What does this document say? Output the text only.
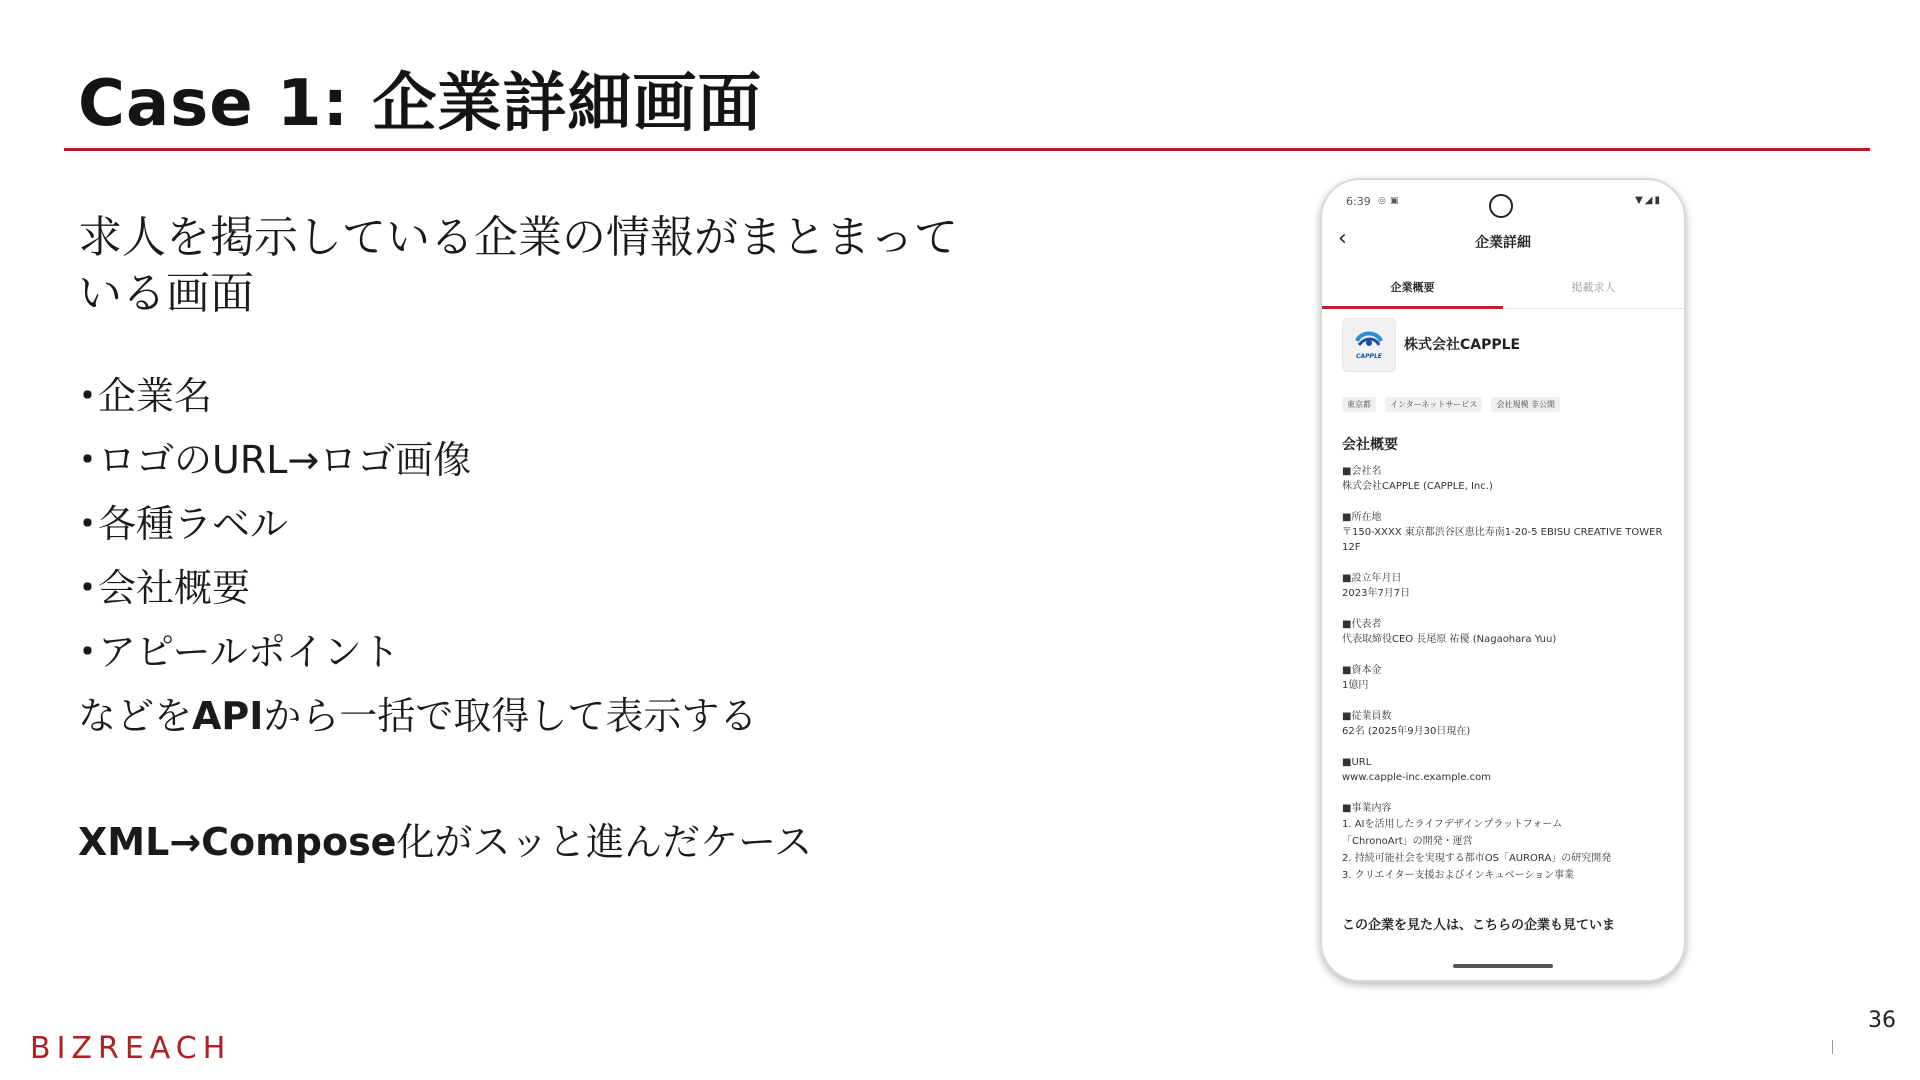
Case 1: 企業詳細画面

求人を掲示している企業の情報がまとまっている画面

･企業名
･ロゴのURL→ロゴ画像
･各種ラベル
･会社概要
･アピールポイント
などをAPIから一括で取得して表示する
XML→Compose化がスッと進んだケース
6:39 ◎ ▣	▼◢▮
‹	企業詳細
企業概要	掲載求人
CAPPLE
株式会社CAPPLE
東京都 インターネットサービス 会社規模 非公開
会社概要
■会社名
株式会社CAPPLE (CAPPLE, Inc.)
■所在地
〒150-XXXX 東京都渋谷区恵比寿南1-20-5 EBISU CREATIVE TOWER 12F
■設立年月日
2023年7月7日
■代表者
代表取締役CEO 長尾原 祐優 (Nagaohara Yuu)
■資本金
1億円
■従業員数
62名 (2025年9月30日現在)
■URL
www.capple-inc.example.com
■事業内容
1. AIを活用したライフデザインプラットフォーム
「ChronoArt」の開発・運営
2. 持続可能社会を実現する都市OS「AURORA」の研究開発
3. クリエイター支援およびインキュベーション事業
この企業を見た人は、こちらの企業も見ていま
BIZREACH
36
